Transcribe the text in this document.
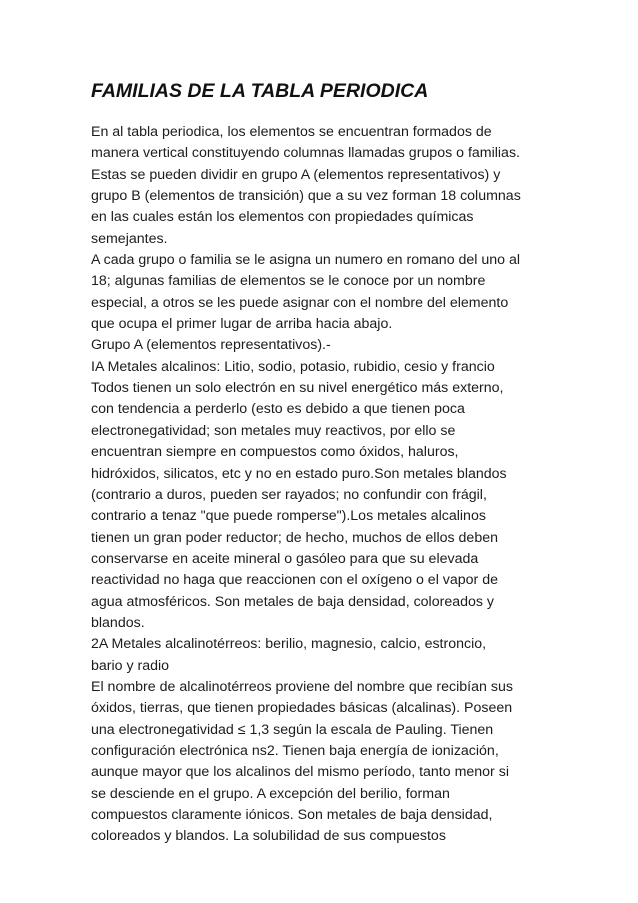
FAMILIAS DE LA TABLA PERIODICA
En al tabla periodica, los elementos se encuentran formados de
manera vertical constituyendo columnas llamadas grupos o familias.
Estas se pueden dividir en grupo A (elementos representativos) y
grupo B (elementos de transición) que a su vez forman 18 columnas
en las cuales están los elementos con propiedades químicas
semejantes.
A cada grupo o familia se le asigna un numero en romano del uno al
18; algunas familias de elementos se le conoce por un nombre
especial, a otros se les puede asignar con el nombre del elemento
que ocupa el primer lugar de arriba hacia abajo.
Grupo A (elementos representativos).-
IA Metales alcalinos: Litio, sodio, potasio, rubidio, cesio y francio
Todos tienen un solo electrón en su nivel energético más externo,
con tendencia a perderlo (esto es debido a que tienen poca
electronegatividad; son metales muy reactivos, por ello se
encuentran siempre en compuestos como óxidos, haluros,
hidróxidos, silicatos, etc y no en estado puro.Son metales blandos
(contrario a duros, pueden ser rayados; no confundir con frágil,
contrario a tenaz "que puede romperse").Los metales alcalinos
tienen un gran poder reductor; de hecho, muchos de ellos deben
conservarse en aceite mineral o gasóleo para que su elevada
reactividad no haga que reaccionen con el oxígeno o el vapor de
agua atmosféricos. Son metales de baja densidad, coloreados y
blandos.
2A Metales alcalinotérreos: berilio, magnesio, calcio, estroncio,
bario y radio
El nombre de alcalinotérreos proviene del nombre que recibían sus
óxidos, tierras, que tienen propiedades básicas (alcalinas). Poseen
una electronegatividad ≤ 1,3 según la escala de Pauling. Tienen
configuración electrónica ns2. Tienen baja energía de ionización,
aunque mayor que los alcalinos del mismo período, tanto menor si
se desciende en el grupo. A excepción del berilio, forman
compuestos claramente iónicos. Son metales de baja densidad,
coloreados y blandos. La solubilidad de sus compuestos
